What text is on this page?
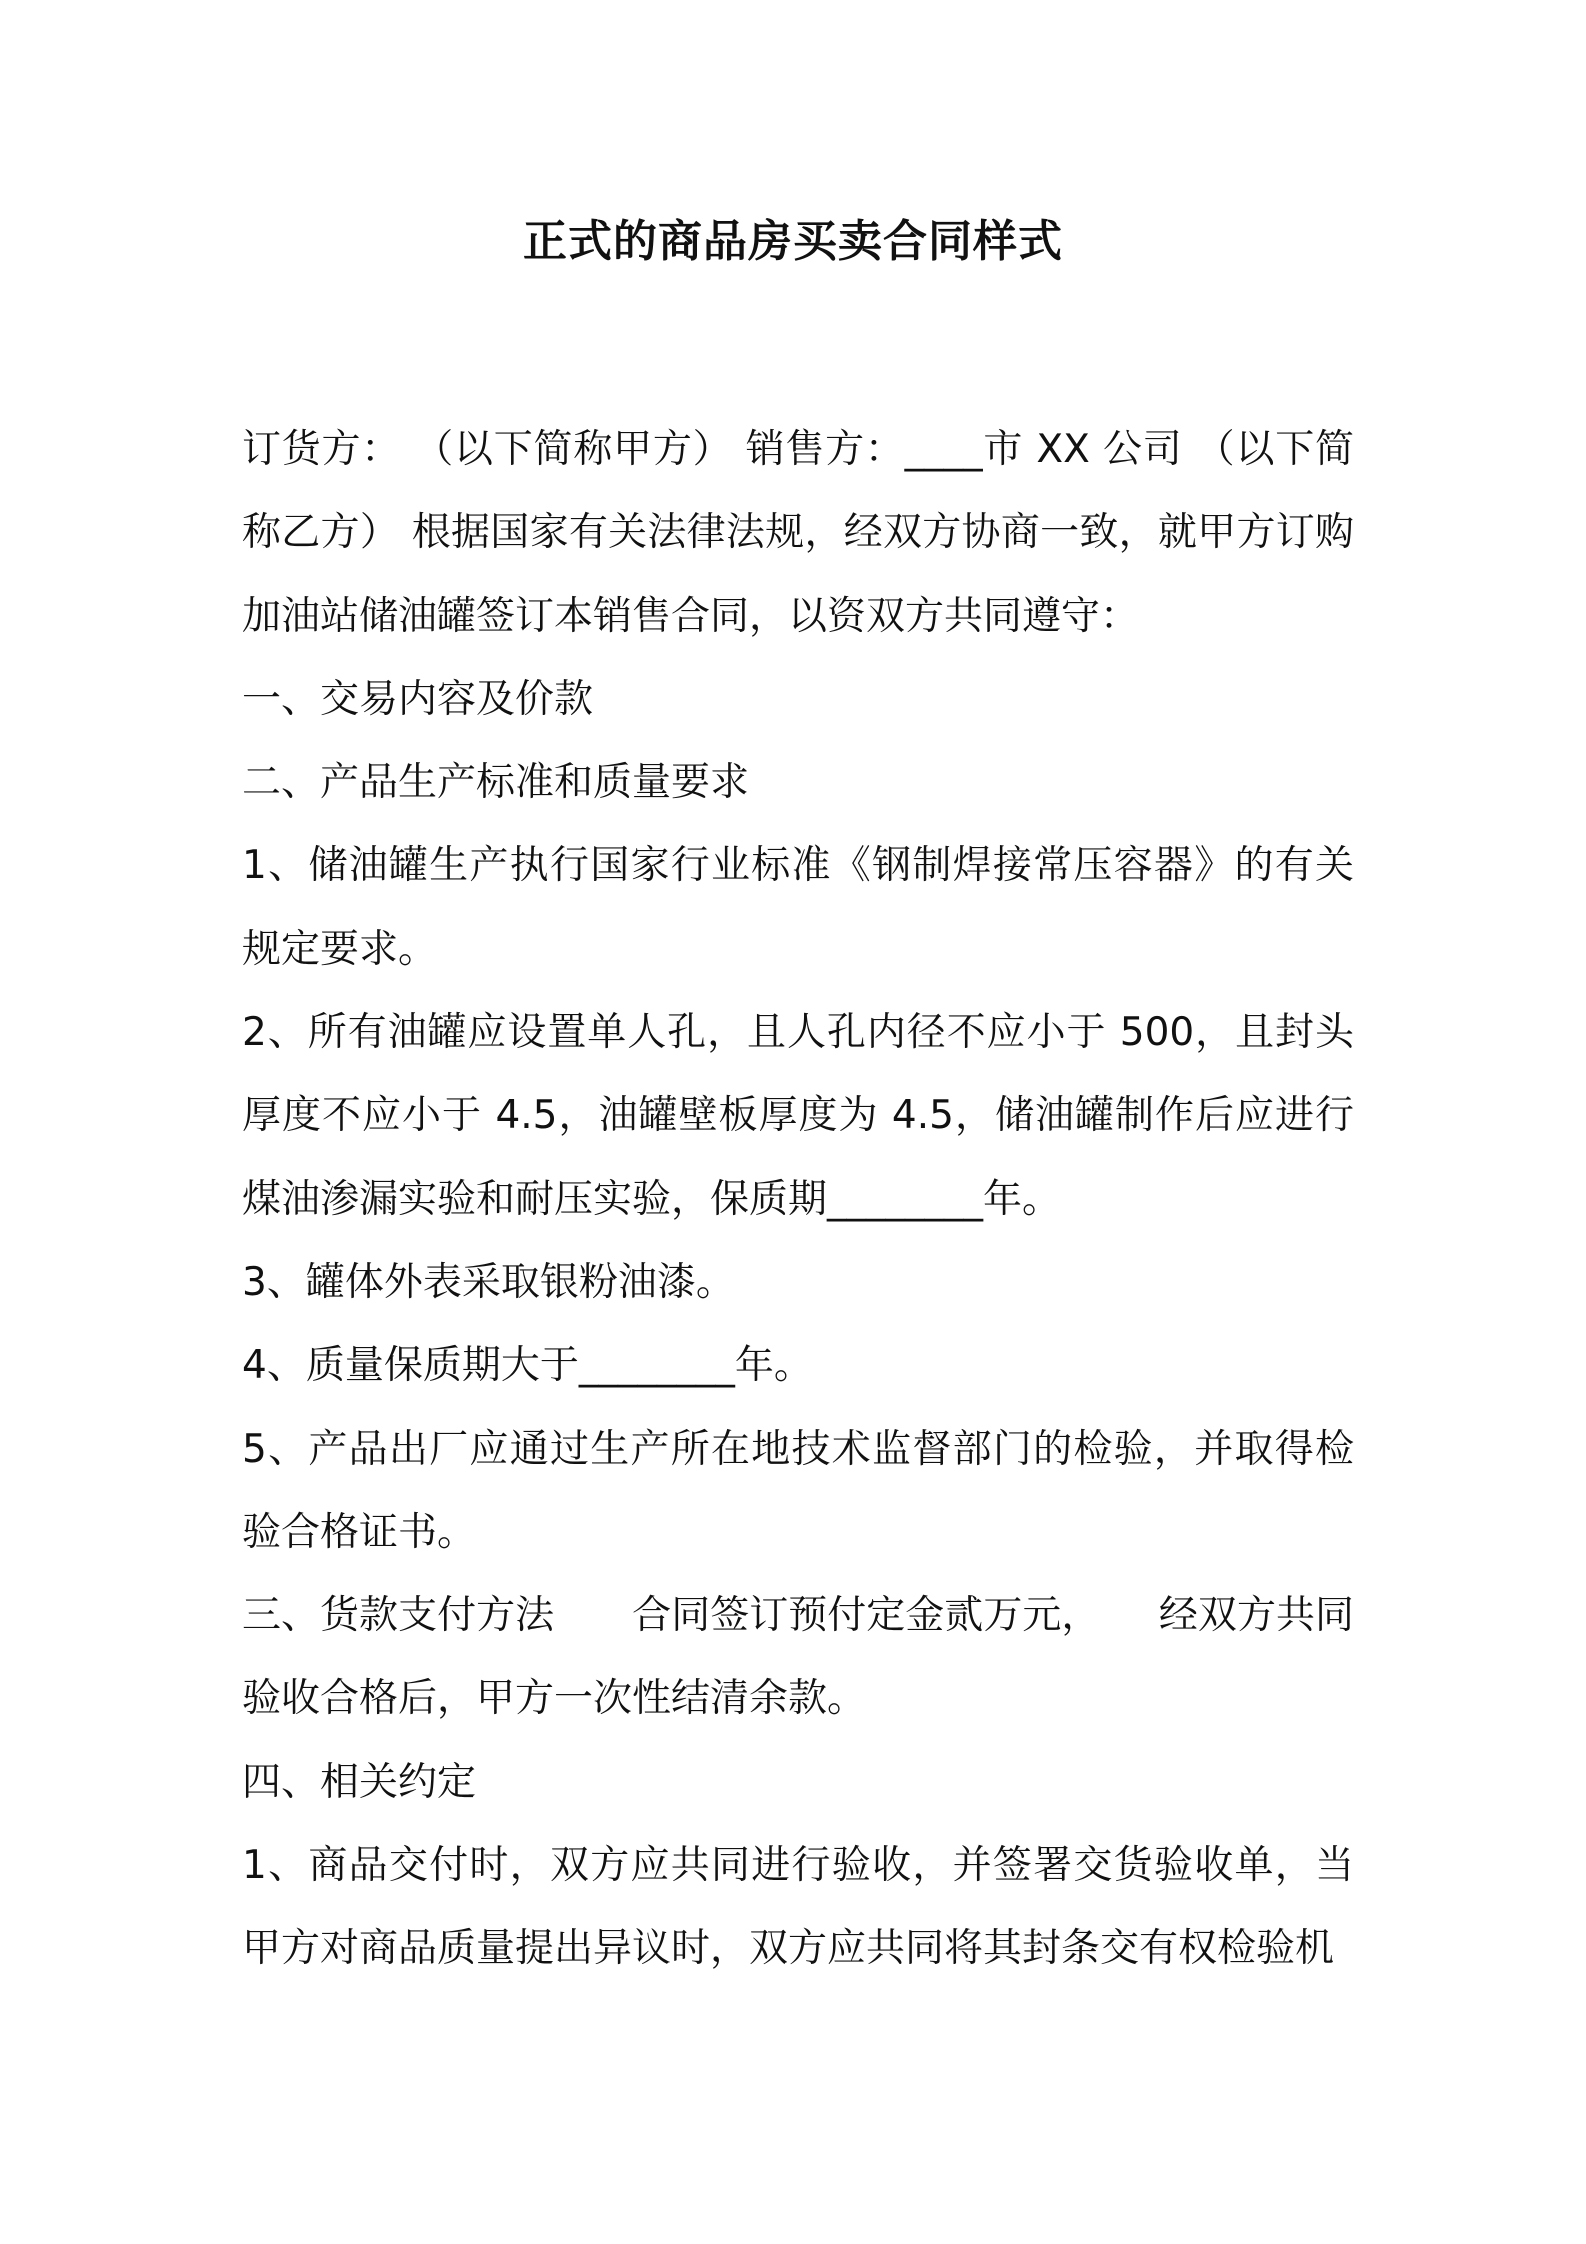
正式的商品房买卖合同样式

订货方： （以下简称甲方） 销售方：____市 XX 公司 （以下简称乙方） 根据国家有关法律法规，经双方协商一致，就甲方订购加油站储油罐签订本销售合同，以资双方共同遵守：

一、交易内容及价款

二、产品生产标准和质量要求

1、储油罐生产执行国家行业标准《钢制焊接常压容器》的有关规定要求。

2、所有油罐应设置单人孔，且人孔内径不应小于 500，且封头厚度不应小于 4.5，油罐壁板厚度为 4.5，储油罐制作后应进行煤油渗漏实验和耐压实验，保质期________年。

3、罐体外表采取银粉油漆。

4、质量保质期大于________年。

5、产品出厂应通过生产所在地技术监督部门的检验，并取得检验合格证书。

三、货款支付方法　　合同签订预付定金贰万元，　　经双方共同验收合格后，甲方一次性结清余款。

四、相关约定

1、商品交付时，双方应共同进行验收，并签署交货验收单，当甲方对商品质量提出异议时，双方应共同将其封条交有权检验机
